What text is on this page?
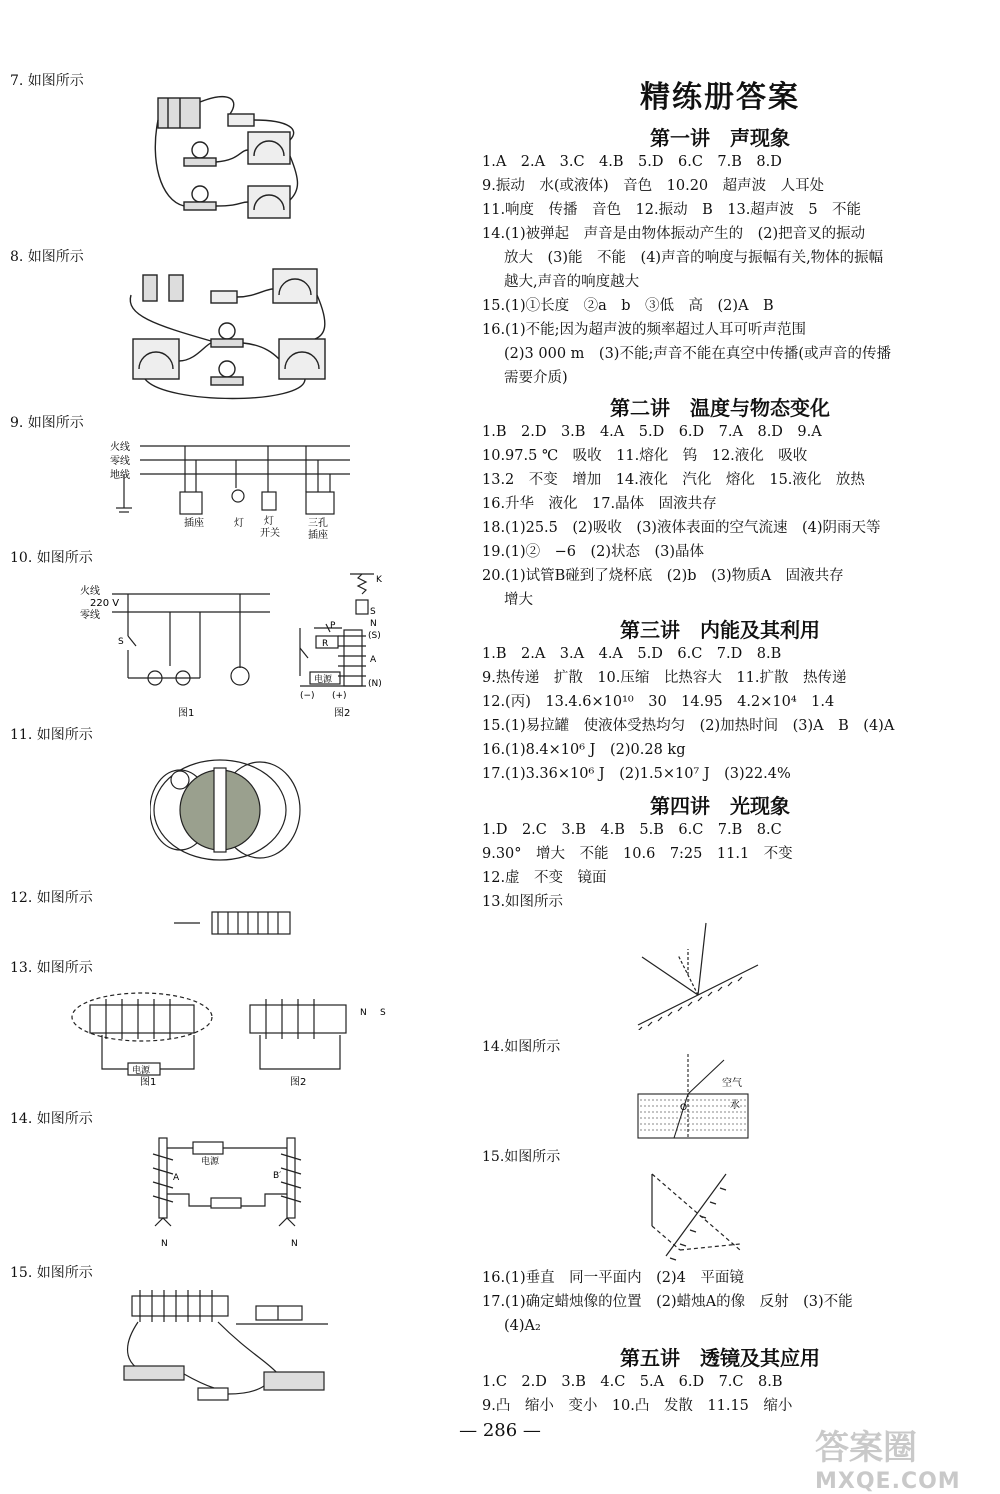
7. 如图所示
8. 如图所示
9. 如图所示
10. 如图所示
11. 如图所示
12. 如图所示
13. 如图所示
14. 如图所示
15. 如图所示
火线
零线
地线
插座	灯 灯
开关
三孔
插座
火线
220 V
零线
S
图1	图2
电源
K
S
N
P
R
(S)
A
(N)
(−) (+)
图1	图2
电源
N S
电源
A	B′
N	N
精练册答案
第一讲　声现象
1.A　2.A　3.C　4.B　5.D　6.C　7.B　8.D
9.振动　水(或液体)　音色　10.20　超声波　人耳处
11.响度　传播　音色　12.振动　B　13.超声波　5　不能
14.(1)被弹起　声音是由物体振动产生的　(2)把音叉的振动
放大　(3)能　不能　(4)声音的响度与振幅有关,物体的振幅
越大,声音的响度越大
15.(1)①长度　②a　b　③低　高　(2)A　B
16.(1)不能;因为超声波的频率超过人耳可听声范围
(2)3 000 m　(3)不能;声音不能在真空中传播(或声音的传播
需要介质)
第二讲　温度与物态变化
1.B　2.D　3.B　4.A　5.D　6.D　7.A　8.D　9.A
10.97.5 ℃　吸收　11.熔化　钨　12.液化　吸收
13.2　不变　增加　14.液化　汽化　熔化　15.液化　放热
16.升华　液化　17.晶体　固液共存
18.(1)25.5　(2)吸收　(3)液体表面的空气流速　(4)阴雨天等
19.(1)②　−6　(2)状态　(3)晶体
20.(1)试管B碰到了烧杯底　(2)b　(3)物质A　固液共存
增大
第三讲　内能及其利用
1.B　2.A　3.A　4.A　5.D　6.C　7.D　8.B
9.热传递　扩散　10.压缩　比热容大　11.扩散　热传递
12.(丙)　13.4.6×10¹⁰　30　14.95　4.2×10⁴　1.4
15.(1)易拉罐　使液体受热均匀　(2)加热时间　(3)A　B　(4)A
16.(1)8.4×10⁶ J　(2)0.28 kg
17.(1)3.36×10⁶ J　(2)1.5×10⁷ J　(3)22.4%
第四讲　光现象
1.D　2.C　3.B　4.B　5.B　6.C　7.B　8.C
9.30°　增大　不能　10.6　7:25　11.1　不变
12.虚　不变　镜面
13.如图所示
14.如图所示
空气
水
O
15.如图所示
16.(1)垂直　同一平面内　(2)4　平面镜
17.(1)确定蜡烛像的位置　(2)蜡烛A的像　反射　(3)不能
(4)A₂
第五讲　透镜及其应用
1.C　2.D　3.B　4.C　5.A　6.D　7.C　8.B
9.凸　缩小　变小　10.凸　发散　11.15　缩小
— 286 —	答案圈
MXQE.COM
